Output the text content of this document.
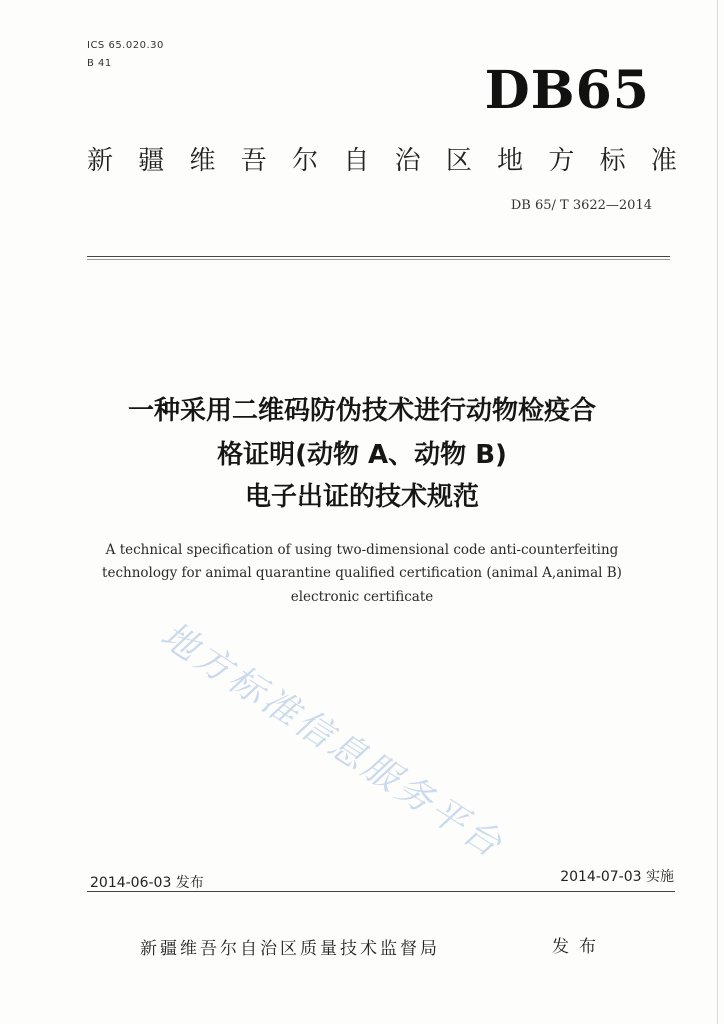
ICS 65.020.30
B 41	DB65
新 疆 维 吾 尔 自 治 区 地 方 标 准
DB 65/ T 3622—2014
一种采用二维码防伪技术进行动物检疫合
格证明(动物 A、动物 B)
电子出证的技术规范
A technical specification of using two-dimensional code anti-counterfeiting
technology for animal quarantine qualified certification (animal A,animal B)
electronic certificate
地方标准信息服务平台
2014-06-03 发布	2014-07-03 实施
新疆维吾尔自治区质量技术监督局	发布
